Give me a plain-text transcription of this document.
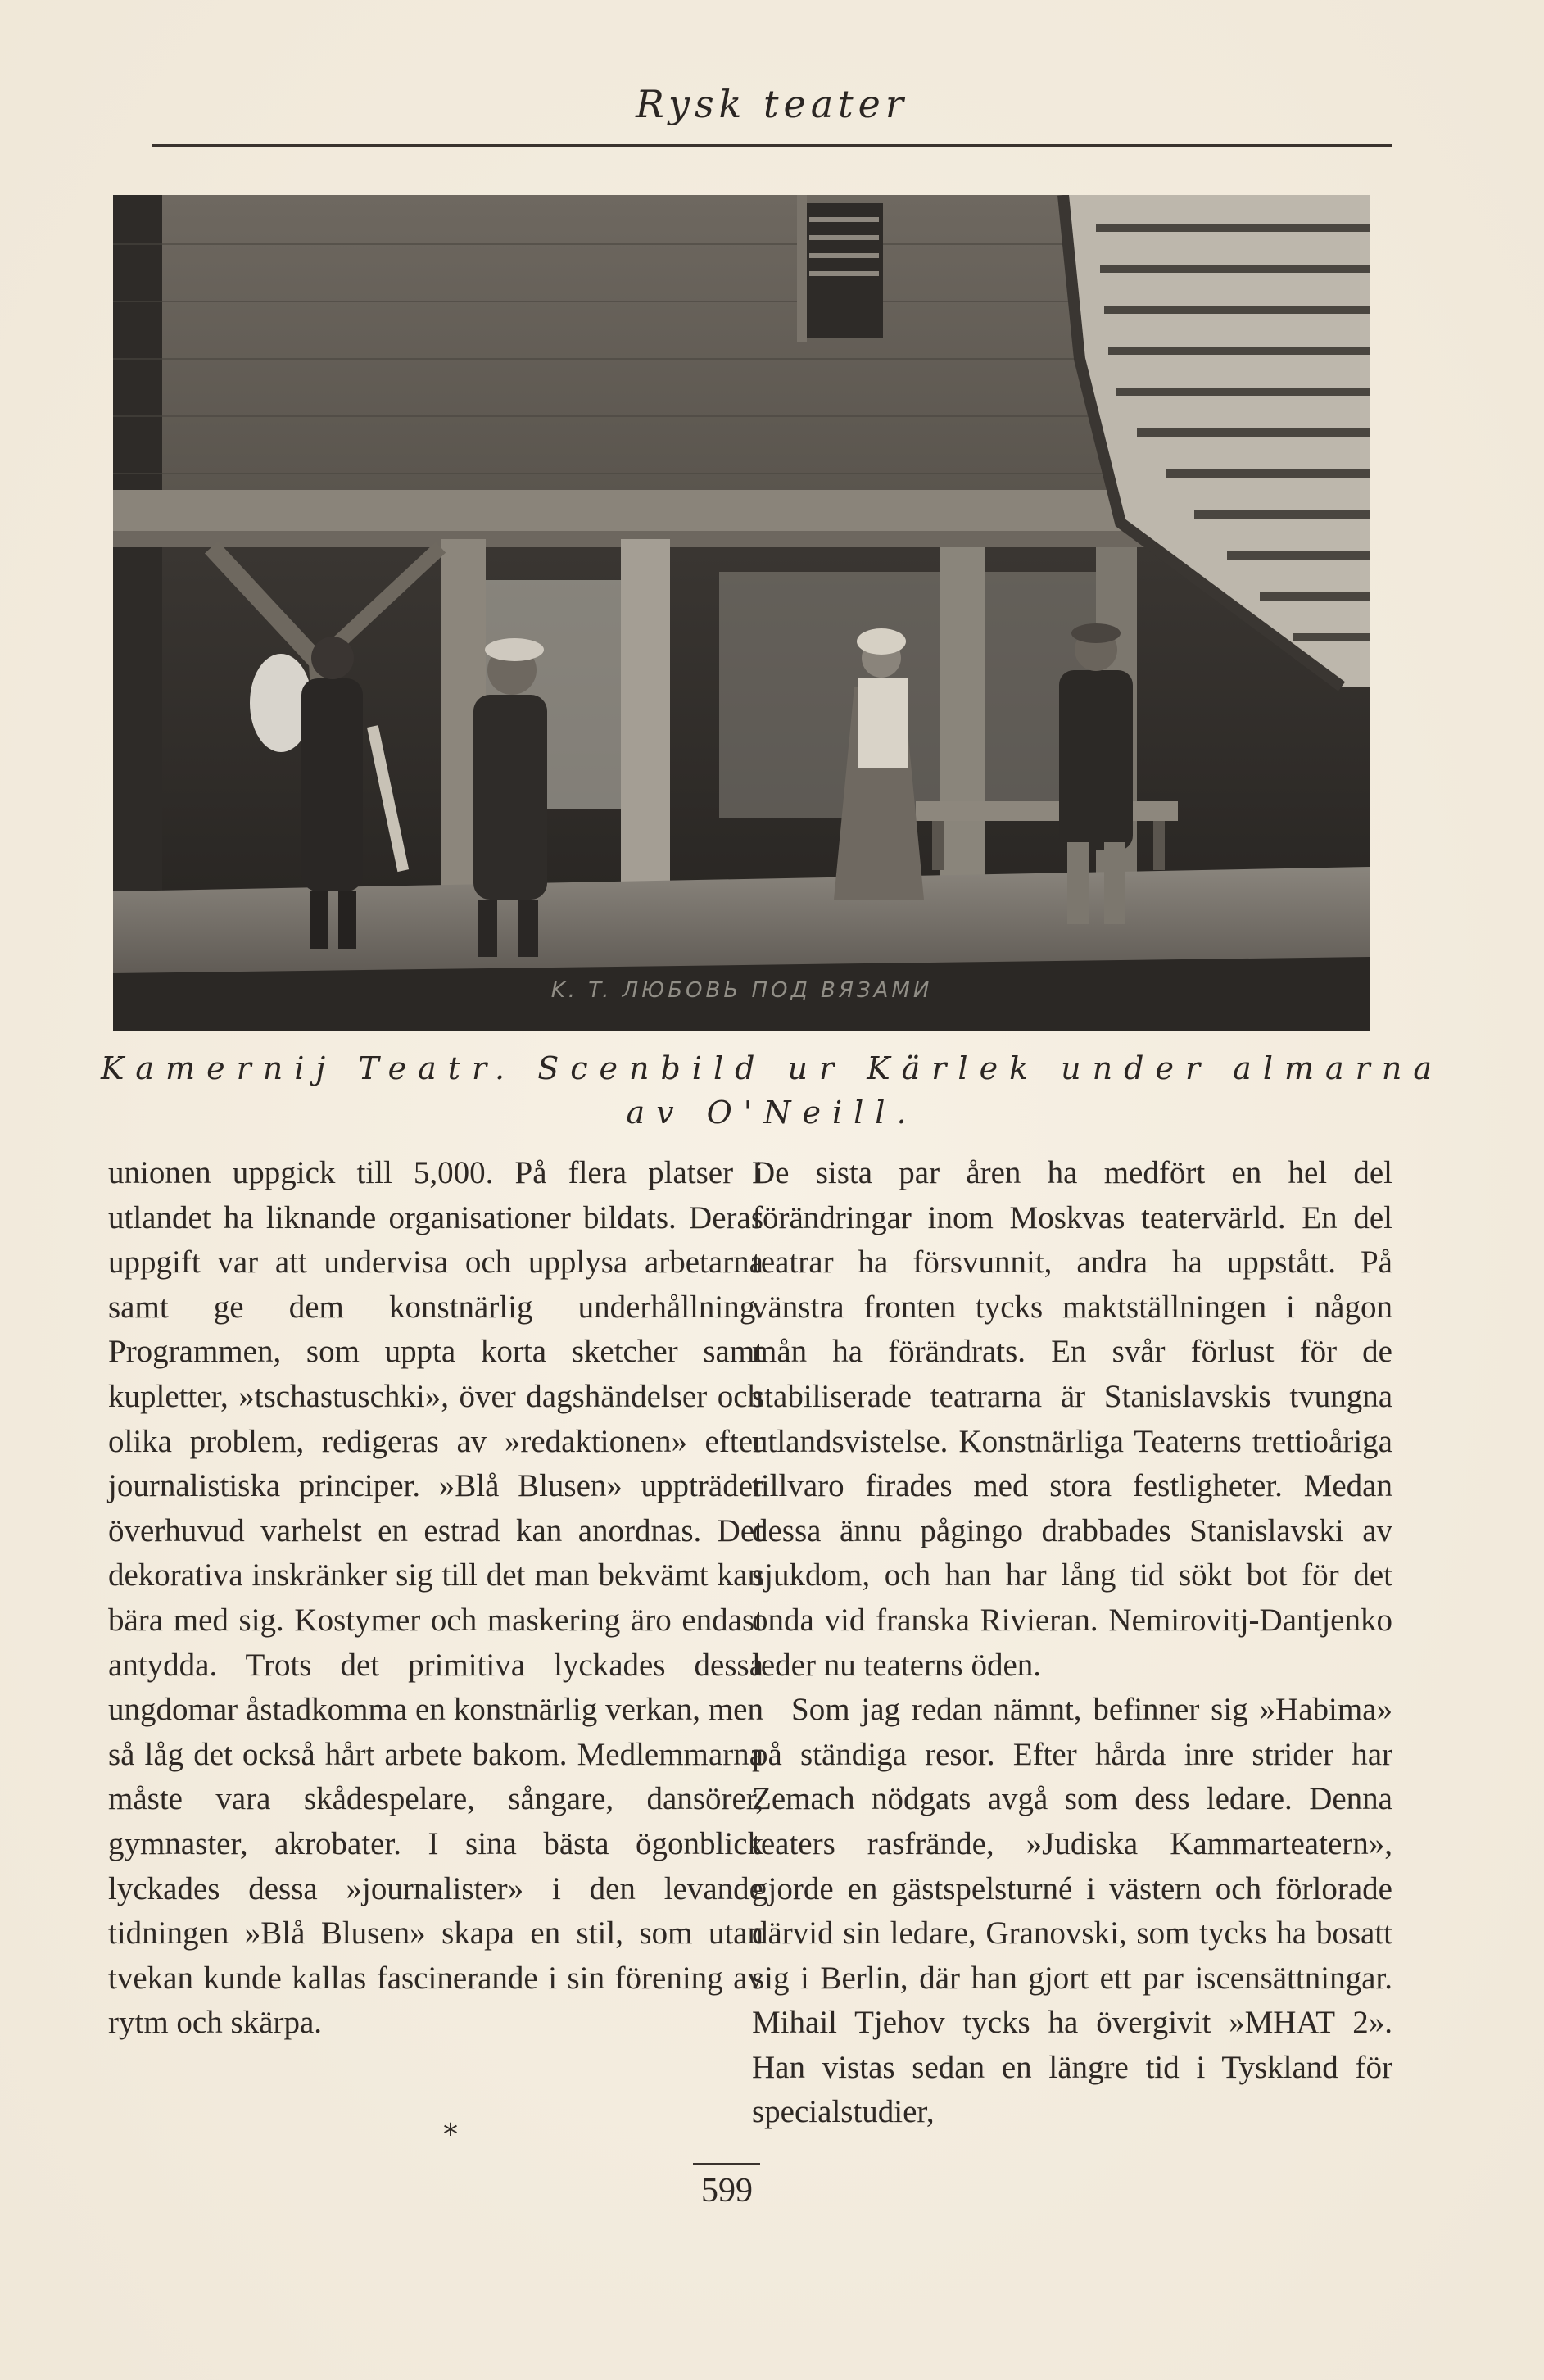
Rysk teater
K. T. ЛЮБОВЬ ПОД ВЯЗАМИ
Kamernij Teatr. Scenbild ur Kärlek under almarna
av O'Neill.

unionen uppgick till 5,000. På flera platser i utlandet ha liknande organisationer bildats. Deras uppgift var att undervisa och upplysa arbetarna samt ge dem konstnärlig underhållning. Programmen, som uppta korta sketcher samt kupletter, »tschastuschki», över dagshändelser och olika problem, redigeras av »redaktionen» efter journalistiska principer. »Blå Blusen» uppträder överhuvud varhelst en estrad kan anordnas. Det dekorativa inskränker sig till det man bekvämt kan bära med sig. Kostymer och maskering äro endast antydda. Trots det primitiva lyckades dessa ungdomar åstadkomma en konstnärlig verkan, men så låg det också hårt arbete bakom. Medlemmarna måste vara skådespelare, sångare, dansörer, gymnaster, akrobater. I sina bästa ögonblick lyckades dessa »journalister» i den levande tidningen »Blå Blusen» skapa en stil, som utan tvekan kunde kallas fascinerande i sin förening av rytm och skärpa.

*

De sista par åren ha medfört en hel del förändringar inom Moskvas teatervärld. En del teatrar ha försvunnit, andra ha uppstått. På vänstra fronten tycks maktställningen i någon mån ha förändrats. En svår förlust för de stabiliserade teatrarna är Stanislavskis tvungna utlandsvistelse. Konstnärliga Teaterns trettioåriga tillvaro firades med stora festligheter. Medan dessa ännu pågingo drabbades Stanislavski av sjukdom, och han har lång tid sökt bot för det onda vid franska Rivieran. Nemirovitj-Dantjenko leder nu teaterns öden.

Som jag redan nämnt, befinner sig »Habima» på ständiga resor. Efter hårda inre strider har Zemach nödgats avgå som dess ledare. Denna teaters rasfrände, »Judiska Kammarteatern», gjorde en gästspelsturné i västern och förlorade därvid sin ledare, Granovski, som tycks ha bosatt sig i Berlin, där han gjort ett par iscensättningar. Mihail Tjehov tycks ha övergivit »MHAT 2». Han vistas sedan en längre tid i Tyskland för specialstudier,

599
